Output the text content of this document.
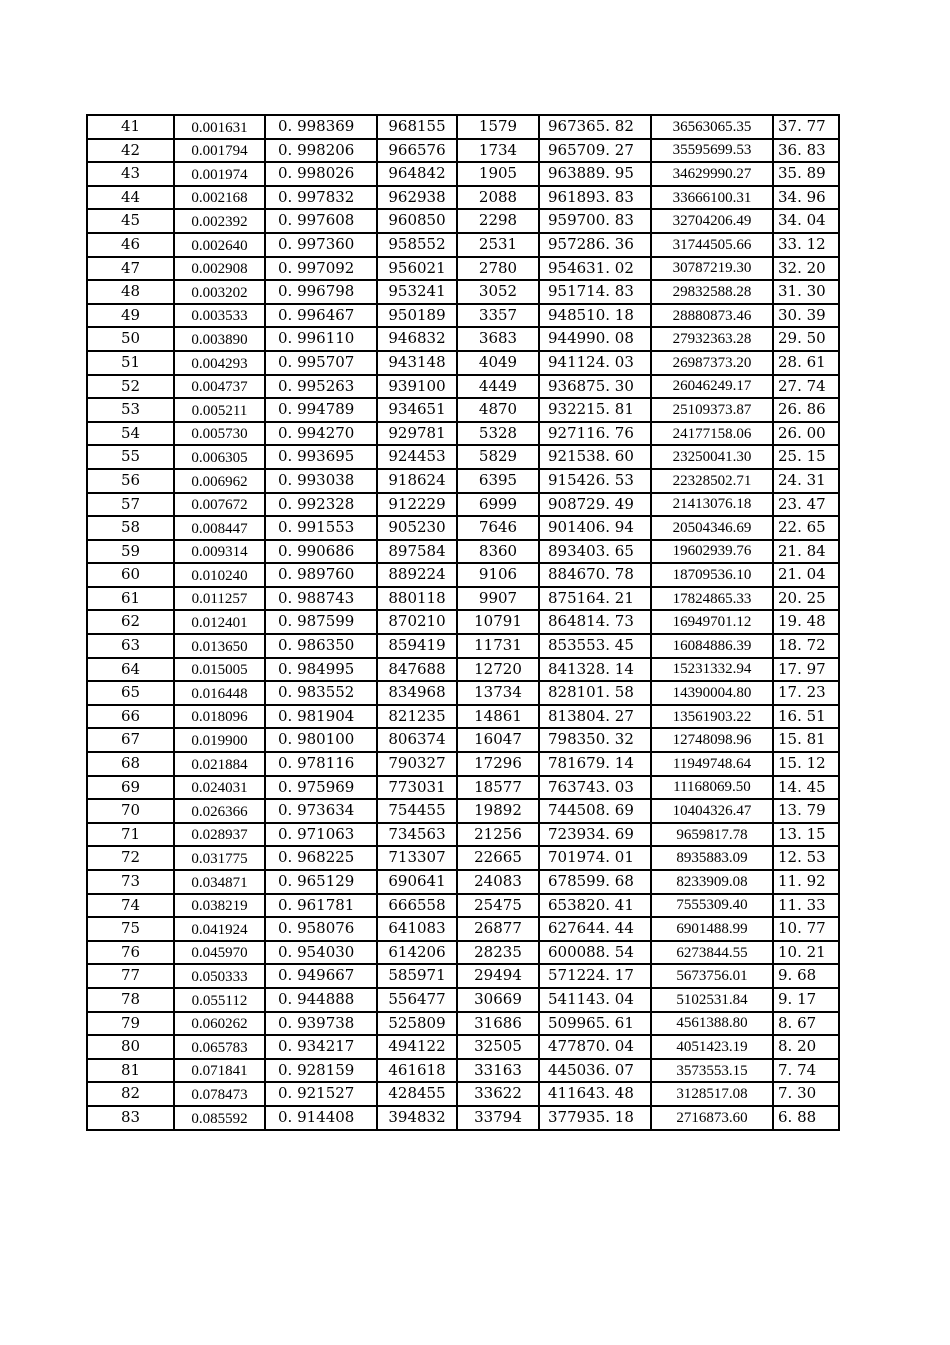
41	0.001631	0. 998369	968155	1579	967365. 82	36563065.35	37. 77
42	0.001794	0. 998206	966576	1734	965709. 27	35595699.53	36. 83
43	0.001974	0. 998026	964842	1905	963889. 95	34629990.27	35. 89
44	0.002168	0. 997832	962938	2088	961893. 83	33666100.31	34. 96
45	0.002392	0. 997608	960850	2298	959700. 83	32704206.49	34. 04
46	0.002640	0. 997360	958552	2531	957286. 36	31744505.66	33. 12
47	0.002908	0. 997092	956021	2780	954631. 02	30787219.30	32. 20
48	0.003202	0. 996798	953241	3052	951714. 83	29832588.28	31. 30
49	0.003533	0. 996467	950189	3357	948510. 18	28880873.46	30. 39
50	0.003890	0. 996110	946832	3683	944990. 08	27932363.28	29. 50
51	0.004293	0. 995707	943148	4049	941124. 03	26987373.20	28. 61
52	0.004737	0. 995263	939100	4449	936875. 30	26046249.17	27. 74
53	0.005211	0. 994789	934651	4870	932215. 81	25109373.87	26. 86
54	0.005730	0. 994270	929781	5328	927116. 76	24177158.06	26. 00
55	0.006305	0. 993695	924453	5829	921538. 60	23250041.30	25. 15
56	0.006962	0. 993038	918624	6395	915426. 53	22328502.71	24. 31
57	0.007672	0. 992328	912229	6999	908729. 49	21413076.18	23. 47
58	0.008447	0. 991553	905230	7646	901406. 94	20504346.69	22. 65
59	0.009314	0. 990686	897584	8360	893403. 65	19602939.76	21. 84
60	0.010240	0. 989760	889224	9106	884670. 78	18709536.10	21. 04
61	0.011257	0. 988743	880118	9907	875164. 21	17824865.33	20. 25
62	0.012401	0. 987599	870210	10791	864814. 73	16949701.12	19. 48
63	0.013650	0. 986350	859419	11731	853553. 45	16084886.39	18. 72
64	0.015005	0. 984995	847688	12720	841328. 14	15231332.94	17. 97
65	0.016448	0. 983552	834968	13734	828101. 58	14390004.80	17. 23
66	0.018096	0. 981904	821235	14861	813804. 27	13561903.22	16. 51
67	0.019900	0. 980100	806374	16047	798350. 32	12748098.96	15. 81
68	0.021884	0. 978116	790327	17296	781679. 14	11949748.64	15. 12
69	0.024031	0. 975969	773031	18577	763743. 03	11168069.50	14. 45
70	0.026366	0. 973634	754455	19892	744508. 69	10404326.47	13. 79
71	0.028937	0. 971063	734563	21256	723934. 69	9659817.78	13. 15
72	0.031775	0. 968225	713307	22665	701974. 01	8935883.09	12. 53
73	0.034871	0. 965129	690641	24083	678599. 68	8233909.08	11. 92
74	0.038219	0. 961781	666558	25475	653820. 41	7555309.40	11. 33
75	0.041924	0. 958076	641083	26877	627644. 44	6901488.99	10. 77
76	0.045970	0. 954030	614206	28235	600088. 54	6273844.55	10. 21
77	0.050333	0. 949667	585971	29494	571224. 17	5673756.01	9. 68
78	0.055112	0. 944888	556477	30669	541143. 04	5102531.84	9. 17
79	0.060262	0. 939738	525809	31686	509965. 61	4561388.80	8. 67
80	0.065783	0. 934217	494122	32505	477870. 04	4051423.19	8. 20
81	0.071841	0. 928159	461618	33163	445036. 07	3573553.15	7. 74
82	0.078473	0. 921527	428455	33622	411643. 48	3128517.08	7. 30
83	0.085592	0. 914408	394832	33794	377935. 18	2716873.60	6. 88
